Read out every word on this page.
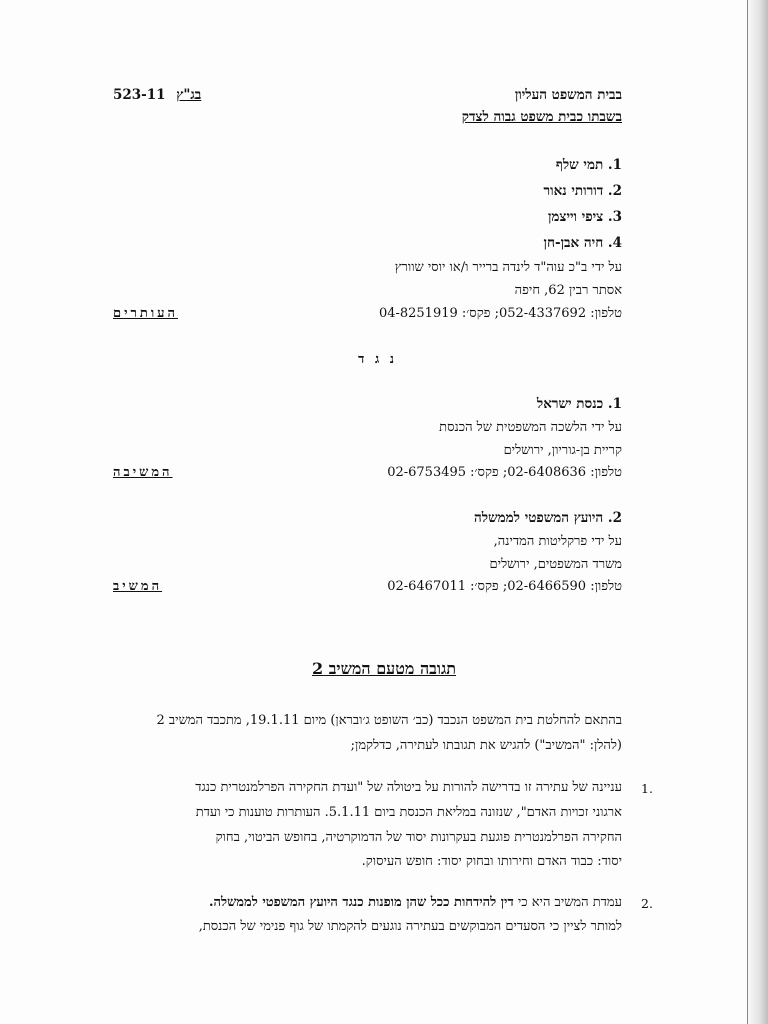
בבית המשפט העליון
523-11 בג"ץ
בשבתו כבית משפט גבוה לצדק
1. תמי שלף
2. דורותי נאור
3. ציפי וייצמן
4. חיה אבן-חן
על ידי ב"כ עוה"ד לינדה ברייר ו/או יוסי שוורץ
אסתר רבין 62, חיפה
טלפון: 052-4337692; פקס׳: 04-8251919
העותרים
נ ג ד
1. כנסת ישראל
על ידי הלשכה המשפטית של הכנסת
קריית בן-גוריון, ירושלים
טלפון: 02-6408636; פקס׳: 02-6753495
המשיבה
2. היועץ המשפטי לממשלה
על ידי פרקליטות המדינה,
משרד המשפטים, ירושלים
טלפון: 02-6466590; פקס׳: 02-6467011
המשיב
תגובה מטעם המשיב 2
בהתאם להחלטת בית המשפט הנכבד (כב׳ השופט ג׳ובראן) מיום 19.1.11, מתכבד המשיב 2
(להלן: "המשיב") להגיש את תגובתו לעתירה, כדלקמן;
1.
עניינה של עתירה זו בדרישה להורות על ביטולה של "ועדת החקירה הפרלמנטרית כנגד
ארגוני זכויות האדם", שנזונה במליאת הכנסת ביום 5.1.11. העותרות טוענות כי ועדת
החקירה הפרלמנטרית פוגעת בעקרונות יסוד של הדמוקרטיה, בחופש הביטוי, בחוק
יסוד: כבוד האדם וחירותו ובחוק יסוד: חופש העיסוק.
2.
עמדת המשיב היא כי דין להידחות ככל שהן מופנות כנגד היועץ המשפטי לממשלה.
למותר לציין כי הסעדים המבוקשים בעתירה נוגעים להקמתו של גוף פנימי של הכנסת,
